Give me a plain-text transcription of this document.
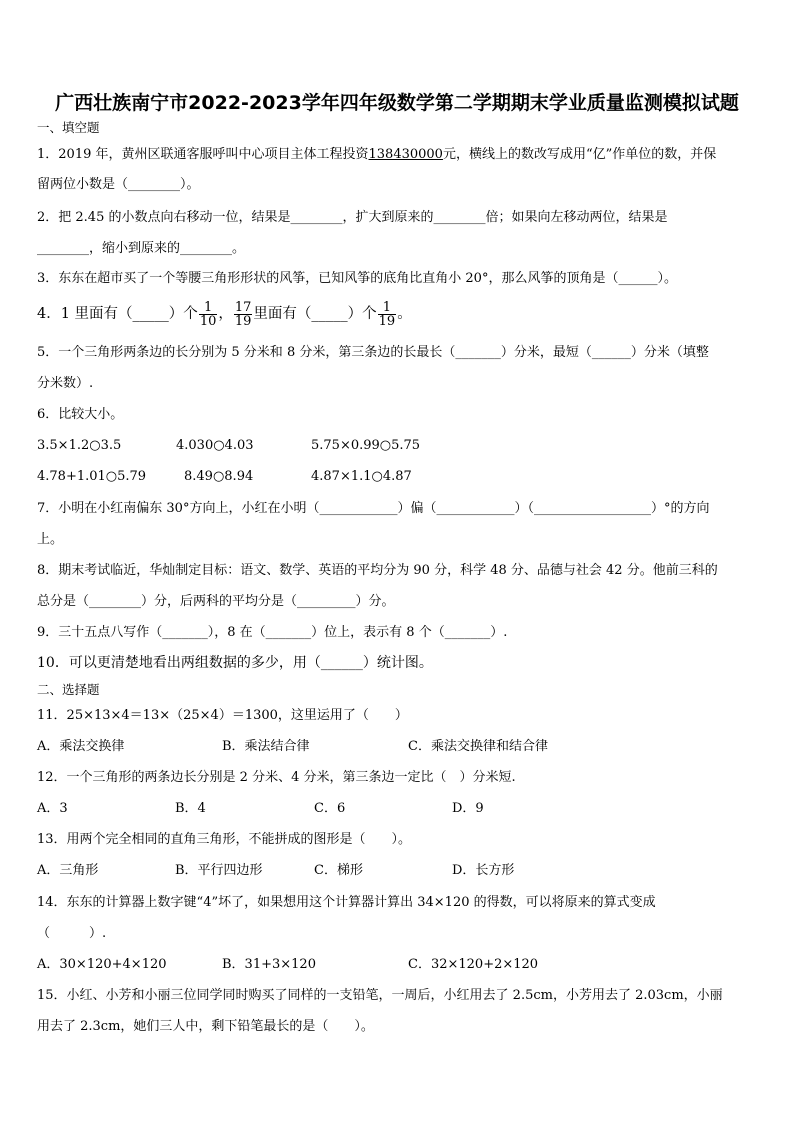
广西壮族南宁市2022-2023学年四年级数学第二学期期末学业质量监测模拟试题
一、填空题
1．2019 年，黄州区联通客服呼叫中心项目主体工程投资138430000元，横线上的数改写成用“亿”作单位的数，并保
留两位小数是（________）。
2．把 2.45 的小数点向右移动一位，结果是________，扩大到原来的________倍；如果向左移动两位，结果是
________，缩小到原来的________。
3．东东在超市买了一个等腰三角形形状的风筝，已知风筝的底角比直角小 20°，那么风筝的顶角是（______）。
4．1 里面有（_____）个 $\frac{1}{10}$ ， $\frac{17}{19}$ 里面有（_____）个 $\frac{1}{19}$ 。
5．一个三角形两条边的长分别为 5 分米和 8 分米，第三条边的长最长（_______）分米，最短（______）分米（填整
分米数）.
6．比较大小。
3.5×1.2○3.5	4.030○4.03	5.75×0.99○5.75
4.78+1.01○5.79	8.49○8.94	4.87×1.1○4.87
7．小明在小红南偏东 30°方向上，小红在小明（____________）偏（____________）（__________________）°的方向
上。
8．期末考试临近，华灿制定目标：语文、数学、英语的平均分为 90 分，科学 48 分、品德与社会 42 分。他前三科的
总分是（________）分，后两科的平均分是（_________）分。
9．三十五点八写作（_______），8 在（_______）位上，表示有 8 个（_______）.
10．可以更清楚地看出两组数据的多少，用（______）统计图。
二、选择题
11．25×13×4＝13×（25×4）＝1300，这里运用了（　　）
A．乘法交换律	B．乘法结合律	C．乘法交换律和结合律
12．一个三角形的两条边长分别是 2 分米、4 分米，第三条边一定比（　）分米短.
A．3	B．4	C．6	D．9
13．用两个完全相同的直角三角形，不能拼成的图形是（　　）。
A．三角形	B．平行四边形	C．梯形	D．长方形
14．东东的计算器上数字键“4”坏了，如果想用这个计算器计算出 34×120 的得数，可以将原来的算式变成
（　　　）.
A．30×120+4×120	B．31+3×120	C．32×120+2×120
15．小红、小芳和小丽三位同学同时购买了同样的一支铅笔，一周后，小红用去了 2.5cm，小芳用去了 2.03cm，小丽
用去了 2.3cm，她们三人中，剩下铅笔最长的是（　　）。
